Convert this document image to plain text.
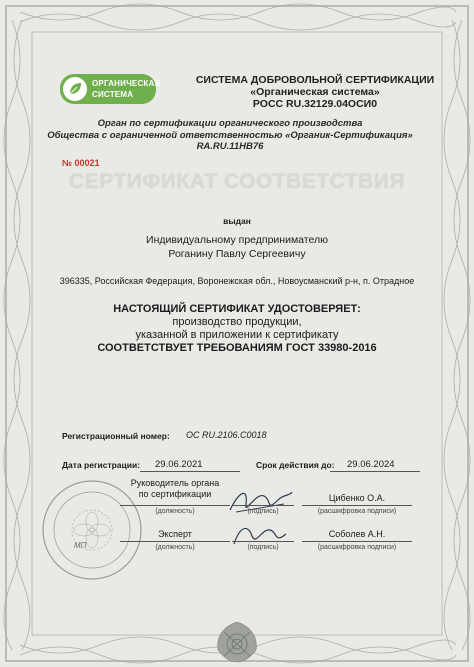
ОРГАНИЧЕСКАЯ
СИСТЕМА
СИСТЕМА ДОБРОВОЛЬНОЙ СЕРТИФИКАЦИИ
«Органическая система»
РОСС RU.32129.04ОСИ0
Орган по сертификации органического производства
Общества с ограниченной ответственностью «Органик-Сертификация»
RA.RU.11НВ76
№ 00021
СЕРТИФИКАТ СООТВЕТСТВИЯ
выдан
Индивидуальному предпринимателю
Роганину Павлу Сергеевичу
396335, Российская Федерация, Воронежская обл., Новоусманский р-н, п. Отрадное
НАСТОЯЩИЙ СЕРТИФИКАТ УДОСТОВЕРЯЕТ:
производство продукции,
указанной в приложении к сертификату
СООТВЕТСТВУЕТ ТРЕБОВАНИЯМ ГОСТ 33980-2016
Регистрационный номер: ОС RU.2106.С0018
Дата регистрации: 29.06.2021	Срок действия до: 29.06.2024
МП
Руководитель органа
по сертификации
(должность)	(подпись)
Цибенко О.А.
(расшифровка подписи)
Эксперт
(должность)	(подпись)
Соболев А.Н.
(расшифровка подписи)
